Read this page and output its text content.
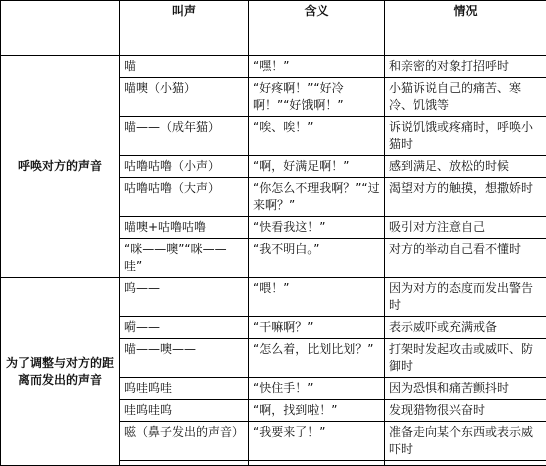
	叫声	含义	情况
呼唤对方的声音	喵	“嘿！”	和亲密的对象打招呼时
	喵噢（小猫）	“好疼啊！”“好冷啊！”“好饿啊！”	小猫诉说自己的痛苦、寒冷、饥饿等
	喵——（成年猫）	“唉、唉！”	诉说饥饿或疼痛时，呼唤小猫时
	咕噜咕噜（小声）	“啊，好满足啊！”	感到满足、放松的时候
	咕噜咕噜（大声）	“你怎么不理我啊？”“过来啊？”	渴望对方的触摸，想撒娇时
	喵噢+咕噜咕噜	“快看我这！”	吸引对方注意自己
	“咪——噢”“咪——哇”	“我不明白。”	对方的举动自己看不懂时
为了调整与对方的距离而发出的声音	呜——	“喂！”	因为对方的态度而发出警告时
	嗬——	“干嘛啊？”	表示威吓或充满戒备
	喵——噢——	“怎么着，比划比划？”	打架时发起攻击或威吓、防御时
	呜哇呜哇	“快住手！”	因为恐惧和痛苦颤抖时
	哇呜哇呜	“啊，找到啦！”	发现猎物很兴奋时
	嗞（鼻子发出的声音）	“我要来了！”	准备走向某个东西或表示威吓时
